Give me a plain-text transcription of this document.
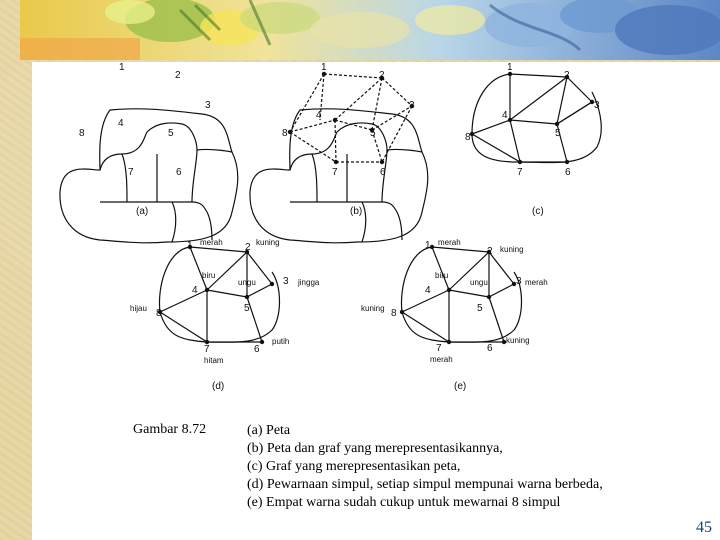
1
2
3
4
5
6
7
8
1
2
3
4
5
6
7
8
1
2
3
4
5
6
7
8
1	2
3
4
5
6
7
8
1
2
3
4
5
6
7
8
merah	kuning
jingga
biru
ungu
putih
hitam
hijau
merah
kuning
merah
biru
ungu
kuning
merah
kuning
(a)	(b)	(c)
(d)	(e)
Gambar 8.72	(a) Peta
(b) Peta dan graf yang merepresentasikannya,
(c) Graf yang merepresentasikan peta,
(d) Pewarnaan simpul, setiap simpul mempunai warna berbeda,
(e) Empat warna sudah cukup untuk mewarnai 8 simpul
45
